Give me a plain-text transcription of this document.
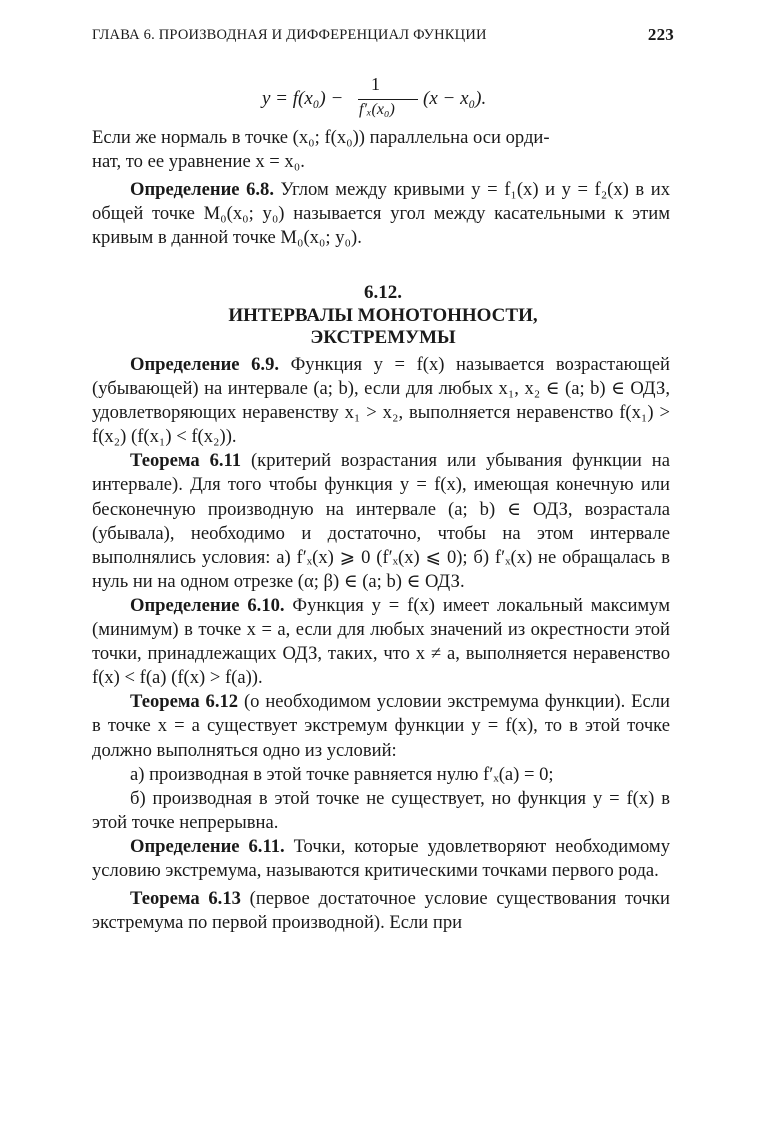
ГЛАВА 6. ПРОИЗВОДНАЯ И ДИФФЕРЕНЦИАЛ ФУНКЦИИ	223
y = f(x₀) −
1
f′ₓ(x₀)
(x − x₀).

Если же нормаль в точке (x₀; f(x₀)) параллельна оси орди-

нат, то ее уравнение x = x₀.

Определение 6.8. Углом между кривыми y = f₁(x) и y = f₂(x) в их общей точке M₀(x₀; y₀) называется угол между касательными к этим кривым в данной точке M₀(x₀; y₀).

6.12.
ИНТЕРВАЛЫ МОНОТОННОСТИ,
ЭКСТРЕМУМЫ

Определение 6.9. Функция y = f(x) называется возрастающей (убывающей) на интервале (a; b), если для любых x₁, x₂ ∈ (a; b) ∈ ОДЗ, удовлетворяющих неравенству x₁ > x₂, выполняется неравенство f(x₁) > f(x₂) (f(x₁) < f(x₂)).

Теорема 6.11 (критерий возрастания или убывания функции на интервале). Для того чтобы функция y = f(x), имеющая конечную или бесконечную производную на интервале (a; b) ∈ ОДЗ, возрастала (убывала), необходимо и достаточно, чтобы на этом интервале выполнялись условия: а) f′ₓ(x) ⩾ 0 (f′ₓ(x) ⩽ 0); б) f′ₓ(x) не обращалась в нуль ни на одном отрезке (α; β) ∈ (a; b) ∈ ОДЗ.

Определение 6.10. Функция y = f(x) имеет локальный максимум (минимум) в точке x = a, если для любых значений из окрестности этой точки, принадлежащих ОДЗ, таких, что x ≠ a, выполняется неравенство f(x) < f(a) (f(x) > f(a)).

Теорема 6.12 (о необходимом условии экстремума функции). Если в точке x = a существует экстремум функции y = f(x), то в этой точке должно выполняться одно из условий:

а) производная в этой точке равняется нулю f′ₓ(a) = 0;

б) производная в этой точке не существует, но функция y = f(x) в этой точке непрерывна.

Определение 6.11. Точки, которые удовлетворяют необходимому условию экстремума, называются критическими точками первого рода.

Теорема 6.13 (первое достаточное условие существования точки экстремума по первой производной). Если при
